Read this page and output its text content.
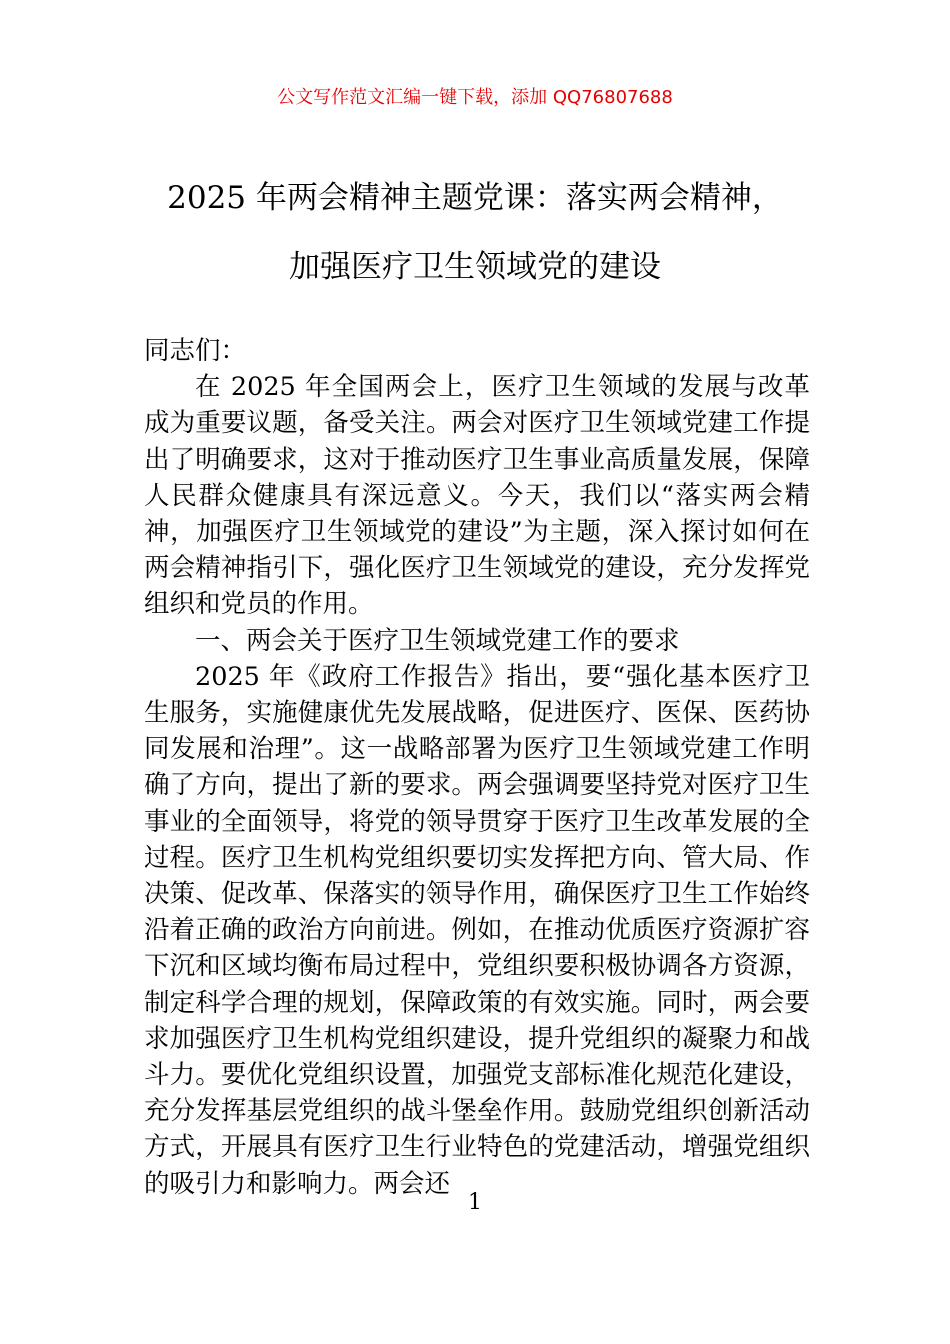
公文写作范文汇编一键下载，添加 QQ76807688
2025 年两会精神主题党课：落实两会精神，
加强医疗卫生领域党的建设

同志们：

在 2025 年全国两会上，医疗卫生领域的发展与改革成为重要议题，备受关注。两会对医疗卫生领域党建工作提出了明确要求，这对于推动医疗卫生事业高质量发展，保障人民群众健康具有深远意义。今天，我们以“落实两会精神，加强医疗卫生领域党的建设”为主题，深入探讨如何在两会精神指引下，强化医疗卫生领域党的建设，充分发挥党组织和党员的作用。

一、两会关于医疗卫生领域党建工作的要求

2025 年《政府工作报告》指出，要“强化基本医疗卫生服务，实施健康优先发展战略，促进医疗、医保、医药协同发展和治理”。这一战略部署为医疗卫生领域党建工作明确了方向，提出了新的要求。两会强调要坚持党对医疗卫生事业的全面领导，将党的领导贯穿于医疗卫生改革发展的全过程。医疗卫生机构党组织要切实发挥把方向、管大局、作决策、促改革、保落实的领导作用，确保医疗卫生工作始终沿着正确的政治方向前进。例如，在推动优质医疗资源扩容下沉和区域均衡布局过程中，党组织要积极协调各方资源，制定科学合理的规划，保障政策的有效实施。同时，两会要求加强医疗卫生机构党组织建设，提升党组织的凝聚力和战斗力。要优化党组织设置，加强党支部标准化规范化建设，充分发挥基层党组织的战斗堡垒作用。鼓励党组织创新活动方式，开展具有医疗卫生行业特色的党建活动，增强党组织的吸引力和影响力。两会还

1
